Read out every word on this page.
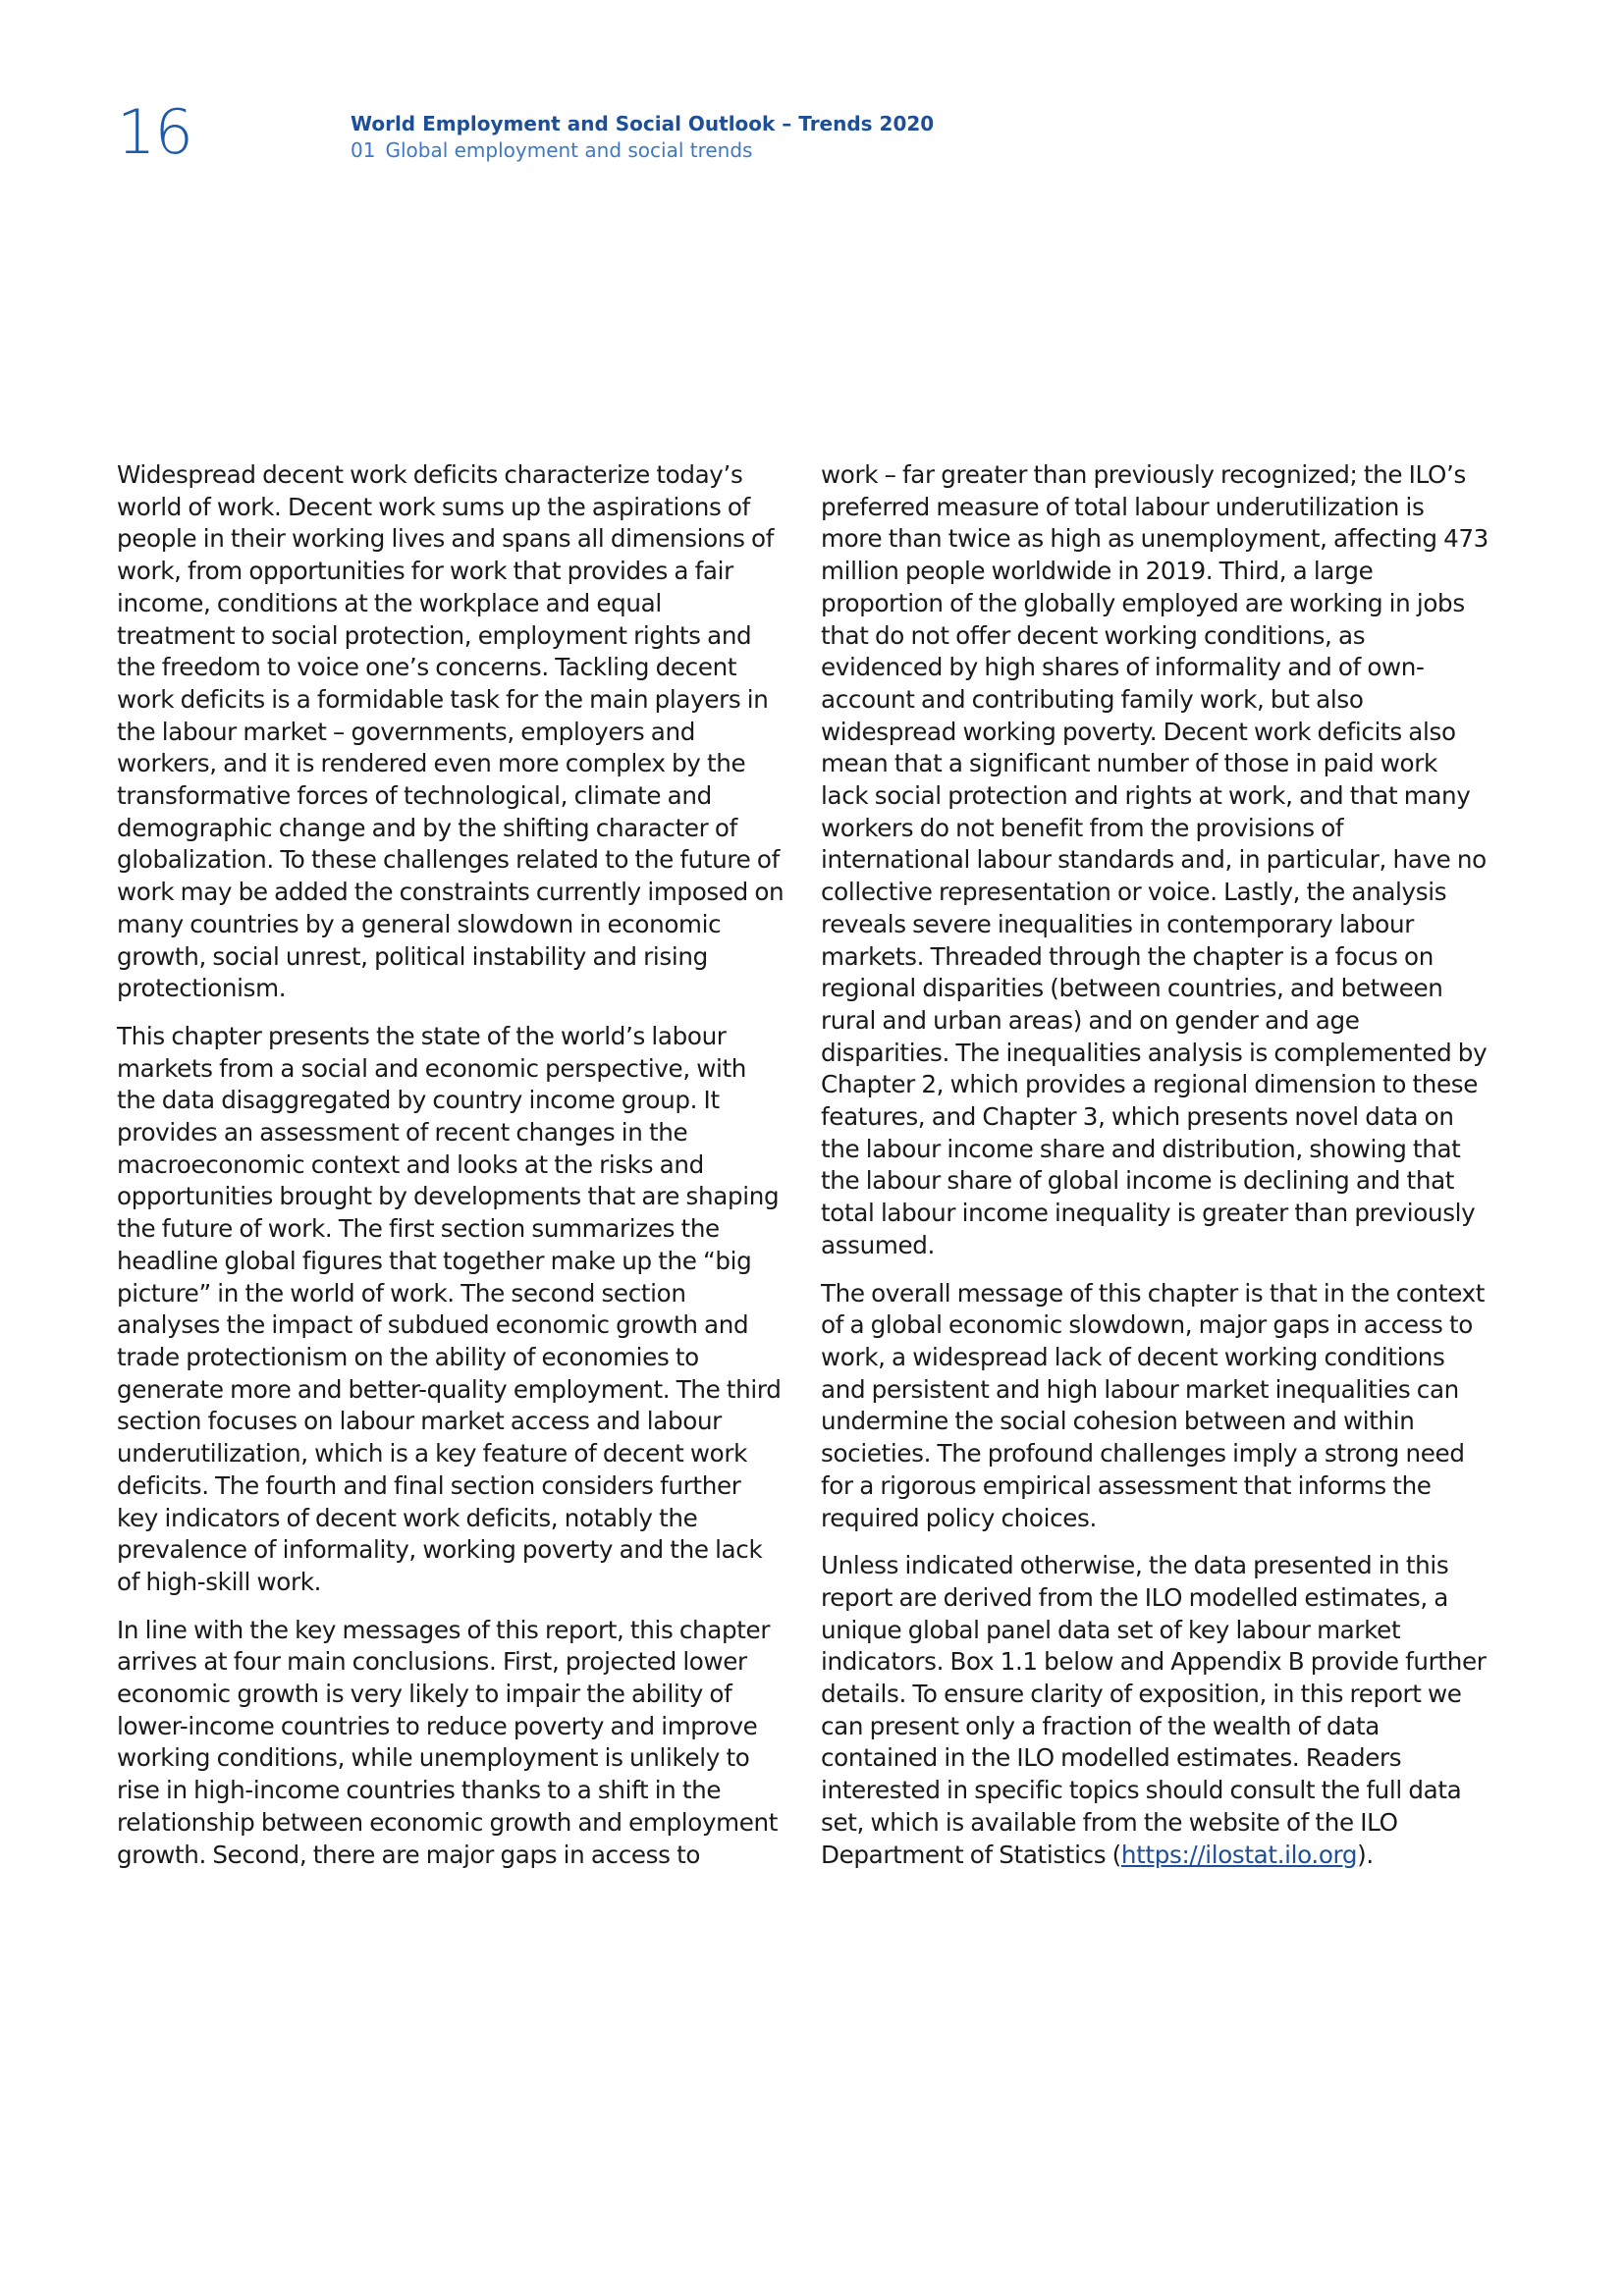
16	World Employment and Social Outlook – Trends 2020
01 Global employment and social trends

Widespread decent work deficits characterize today’s world of work. Decent work sums up the aspirations of people in their working lives and spans all dimensions of work, from opportunities for work that provides a fair income, conditions at the workplace and equal treatment to social protection, employment rights and the freedom to voice one’s concerns. Tackling decent work deficits is a formidable task for the main players in the labour market – governments, employers and workers, and it is rendered even more complex by the transformative forces of technological, climate and demographic change and by the shifting character of globalization. To these challenges related to the future of work may be added the constraints currently imposed on many countries by a general slowdown in economic growth, social unrest, political instability and rising protectionism.

This chapter presents the state of the world’s labour markets from a social and economic perspective, with the data disaggregated by country income group. It provides an assessment of recent changes in the macroeconomic context and looks at the risks and opportunities brought by developments that are shaping the future of work. The first section summarizes the headline global figures that together make up the “big picture” in the world of work. The second section analyses the impact of subdued economic growth and trade protectionism on the ability of economies to generate more and better-quality employment. The third section focuses on labour market access and labour underutilization, which is a key feature of decent work deficits. The fourth and final section considers further key indicators of decent work deficits, notably the prevalence of informality, working poverty and the lack of high-skill work.

In line with the key messages of this report, this chapter arrives at four main conclusions. First, projected lower economic growth is very likely to impair the ability of lower-income countries to reduce poverty and improve working conditions, while unemployment is unlikely to rise in high-income countries thanks to a shift in the relationship between economic growth and employment growth. Second, there are major gaps in access to

work – far greater than previously recognized; the ILO’s preferred measure of total labour underutilization is more than twice as high as unemployment, affecting 473 million people worldwide in 2019. Third, a large proportion of the globally employed are working in jobs that do not offer decent working conditions, as evidenced by high shares of informality and of own-account and contributing family work, but also widespread working poverty. Decent work deficits also mean that a significant number of those in paid work lack social protection and rights at work, and that many workers do not benefit from the provisions of international labour standards and, in particular, have no collective representation or voice. Lastly, the analysis reveals severe inequalities in contemporary labour markets. Threaded through the chapter is a focus on regional disparities (between countries, and between rural and urban areas) and on gender and age disparities. The inequalities analysis is complemented by Chapter 2, which provides a regional dimension to these features, and Chapter 3, which presents novel data on the labour income share and distribution, showing that the labour share of global income is declining and that total labour income inequality is greater than previously assumed.

The overall message of this chapter is that in the context of a global economic slowdown, major gaps in access to work, a widespread lack of decent working conditions and persistent and high labour market inequalities can undermine the social cohesion between and within societies. The profound challenges imply a strong need for a rigorous empirical assessment that informs the required policy choices.

Unless indicated otherwise, the data presented in this report are derived from the ILO modelled estimates, a unique global panel data set of key labour market indicators. Box 1.1 below and Appendix B provide further details. To ensure clarity of exposition, in this report we can present only a fraction of the wealth of data contained in the ILO modelled estimates. Readers interested in specific topics should consult the full data set, which is available from the website of the ILO Department of Statistics (https://ilostat.ilo.org).
